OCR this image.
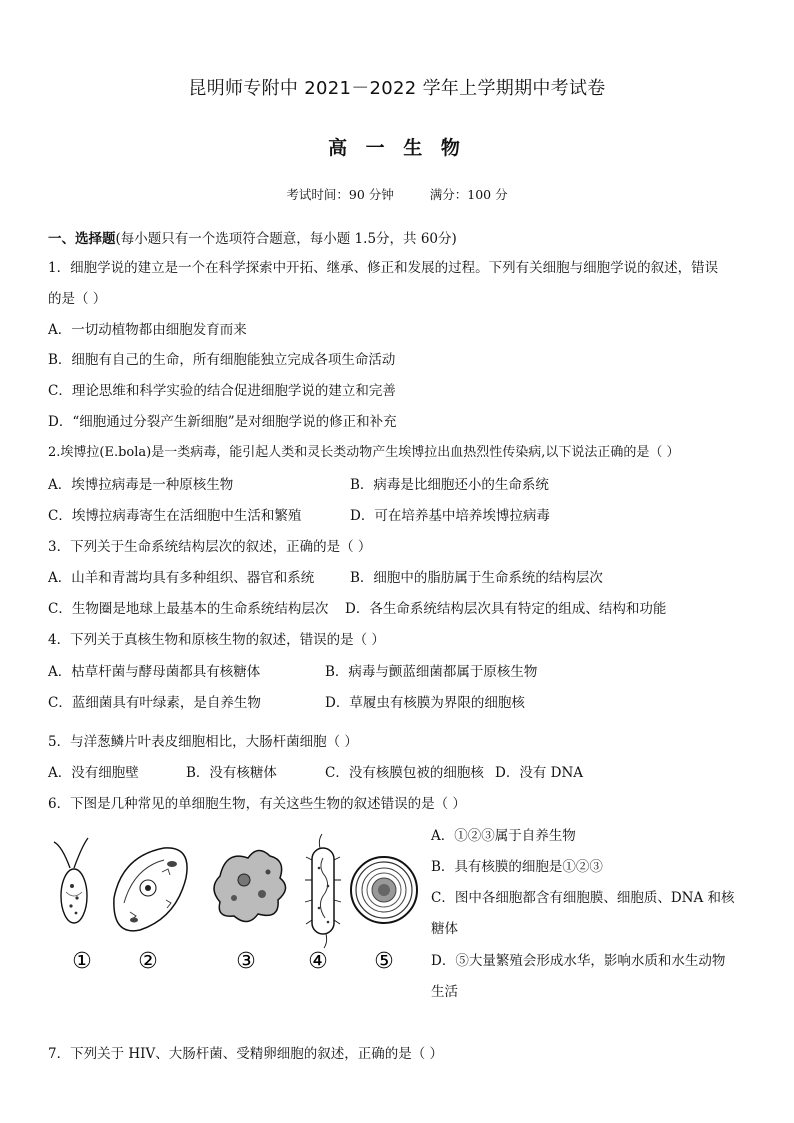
昆明师专附中 2021－2022 学年上学期期中考试卷
高 一 生 物
考试时间：90 分钟	满分：100 分
一、选择题(每小题只有一个选项符合题意，每小题 1.5分，共 60分)
1．细胞学说的建立是一个在科学探索中开拓、继承、修正和发展的过程。下列有关细胞与细胞学说的叙述，错误
的是（ ）
A．一切动植物都由细胞发育而来
B．细胞有自己的生命，所有细胞能独立完成各项生命活动
C．理论思维和科学实验的结合促进细胞学说的建立和完善
D．“细胞通过分裂产生新细胞”是对细胞学说的修正和补充
2.埃博拉(E.bola)是一类病毒，能引起人类和灵长类动物产生埃博拉出血热烈性传染病,以下说法正确的是（ ）
A．埃博拉病毒是一种原核生物	B．病毒是比细胞还小的生命系统
C．埃博拉病毒寄生在活细胞中生活和繁殖	D．可在培养基中培养埃博拉病毒
3．下列关于生命系统结构层次的叙述，正确的是（ ）
A．山羊和青蒿均具有多种组织、器官和系统	B．细胞中的脂肪属于生命系统的结构层次
C．生物圈是地球上最基本的生命系统结构层次 D．各生命系统结构层次具有特定的组成、结构和功能
4．下列关于真核生物和原核生物的叙述，错误的是（ ）
A．枯草杆菌与酵母菌都具有核糖体	B．病毒与颤蓝细菌都属于原核生物
C．蓝细菌具有叶绿素，是自养生物	D．草履虫有核膜为界限的细胞核
5．与洋葱鳞片叶表皮细胞相比，大肠杆菌细胞（ ）
A．没有细胞壁	B．没有核糖体	C．没有核膜包被的细胞核 D．没有 DNA
6．下图是几种常见的单细胞生物，有关这些生物的叙述错误的是（ ）
① ②	③ ④ ⑤
A．①②③属于自养生物
B．具有核膜的细胞是①②③
C．图中各细胞都含有细胞膜、细胞质、DNA 和核
糖体
D．⑤大量繁殖会形成水华，影响水质和水生动物
生活
7．下列关于 HIV、大肠杆菌、受精卵细胞的叙述，正确的是（ ）
